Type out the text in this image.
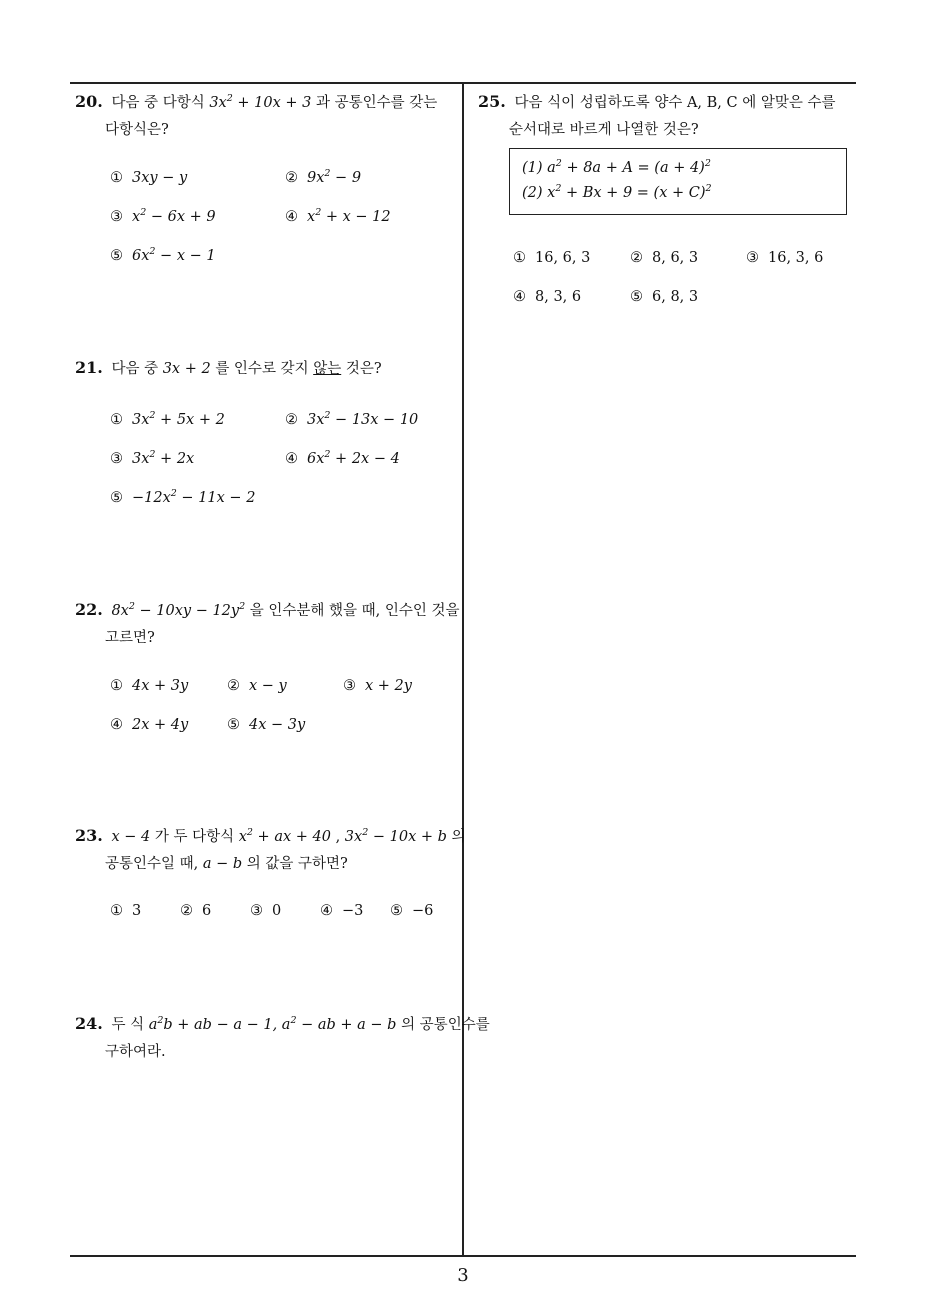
20. 다음 중 다항식 $3x^2 + 10x + 3$ 과 공통인수를 갖는
다항식은?
① 3xy − y	② $9x^2 - 9$
③ $x^2 - 6x + 9$	④ $x^2 + x - 12$
⑤ $6x^2 - x - 1$
21. 다음 중 3x + 2 를 인수로 갖지 않는 것은?
① $3x^2 + 5x + 2$	② $3x^2 - 13x - 10$
③ $3x^2 + 2x$	④ $6x^2 + 2x - 4$
⑤ $-12x^2 - 11x - 2$
22. $8x^2 - 10xy - 12y^2$ 을 인수분해 했을 때, 인수인 것을
고르면?
① 4x + 3y	② x − y	③ x + 2y
④ 2x + 4y	⑤ 4x − 3y
23. x − 4 가 두 다항식 $x^2$ + ax + 40 , $3x^2 - 10x + b$ 의
공통인수일 때, a − b 의 값을 구하면?
① 3	② 6	③ 0	④ −3 ⑤ −6
24. 두 식 $a^2b$ + ab − a − 1, $a^2$ − ab + a − b 의 공통인수를
구하여라.
25. 다음 식이 성립하도록 양수 A, B, C 에 알맞은 수를
순서대로 바르게 나열한 것은?
(1) $a^2 + 8a + A = (a + 4)^2$
(2) $x^2 + Bx + 9 = (x + C)^2$
① 16, 6, 3	② 8, 6, 3	③ 16, 3, 6
④ 8, 3, 6	⑤ 6, 8, 3
3
